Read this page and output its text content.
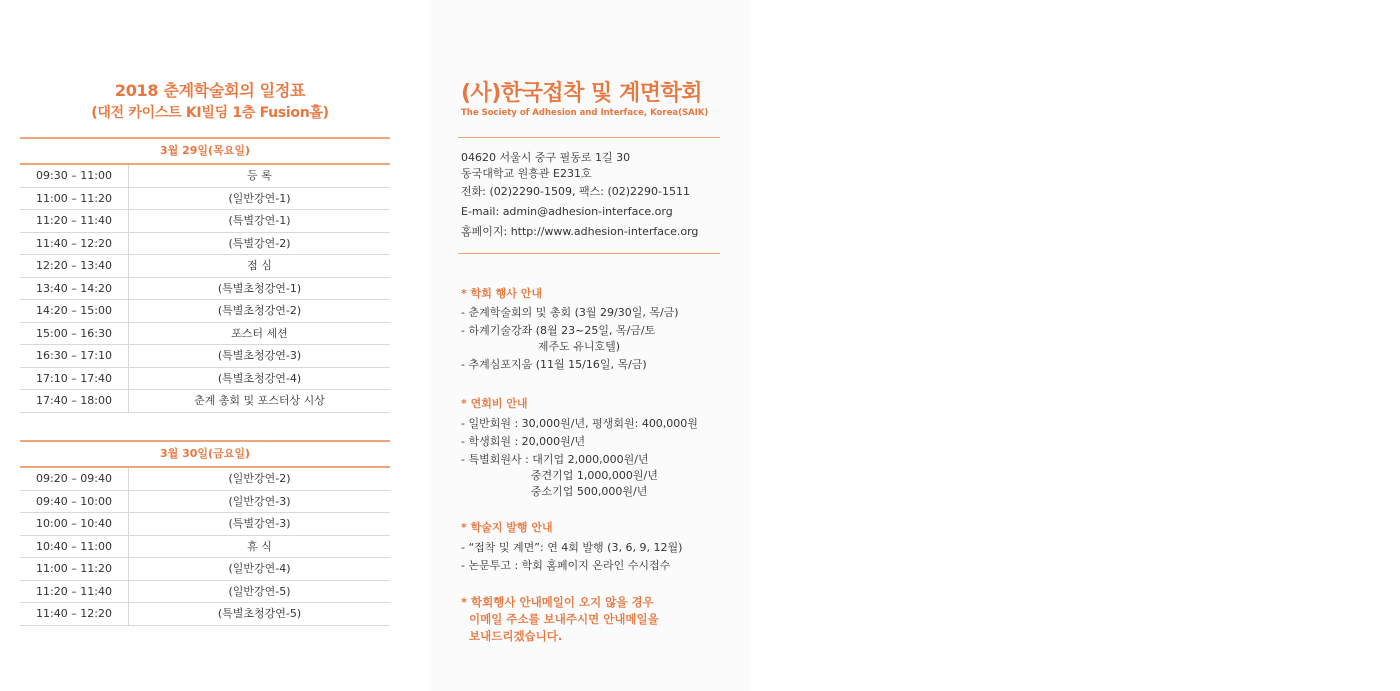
2018 춘계학술회의 일정표
(대전 카이스트 KI빌딩 1층 Fusion홀)
3월 29일(목요일)
09:30 – 11:00	등 록
11:00 – 11:20	(일반강연-1)
11:20 – 11:40	(특별강연-1)
11:40 – 12:20	(특별강연-2)
12:20 – 13:40	점 심
13:40 – 14:20	(특별초청강연-1)
14:20 – 15:00	(특별초청강연-2)
15:00 – 16:30	포스터 세션
16:30 – 17:10	(특별초청강연-3)
17:10 – 17:40	(특별초청강연-4)
17:40 – 18:00	춘계 총회 및 포스터상 시상
3월 30일(금요일)
09:20 – 09:40	(일반강연-2)
09:40 – 10:00	(일반강연-3)
10:00 – 10:40	(특별강연-3)
10:40 – 11:00	휴 식
11:00 – 11:20	(일반강연-4)
11:20 – 11:40	(일반강연-5)
11:40 – 12:20	(특별초청강연-5)
(사)한국접착 및 계면학회
The Society of Adhesion and Interface, Korea(SAIK)
04620 서울시 중구 필동로 1길 30
동국대학교 원흥관 E231호
전화: (02)2290-1509, 팩스: (02)2290-1511
E-mail: admin@adhesion-interface.org
홈페이지: http://www.adhesion-interface.org
* 학회 행사 안내
- 춘계학술회의 및 총회 (3월 29/30일, 목/금)
- 하계기술강좌 (8월 23~25일, 목/금/토
제주도 유니호텔)
- 추계심포지움 (11월 15/16일, 목/금)
* 연회비 안내
- 일반회원 : 30,000원/년, 평생회원: 400,000원
- 학생회원 : 20,000원/년
- 특별회원사 : 대기업 2,000,000원/년
중견기업 1,000,000원/년
중소기업 500,000원/년
* 학술지 발행 안내
- “접착 및 계면”: 연 4회 발행 (3, 6, 9, 12월)
- 논문투고 : 학회 홈페이지 온라인 수시접수
* 학회행사 안내메일이 오지 않을 경우
이메일 주소를 보내주시면 안내메일을
보내드리겠습니다.
